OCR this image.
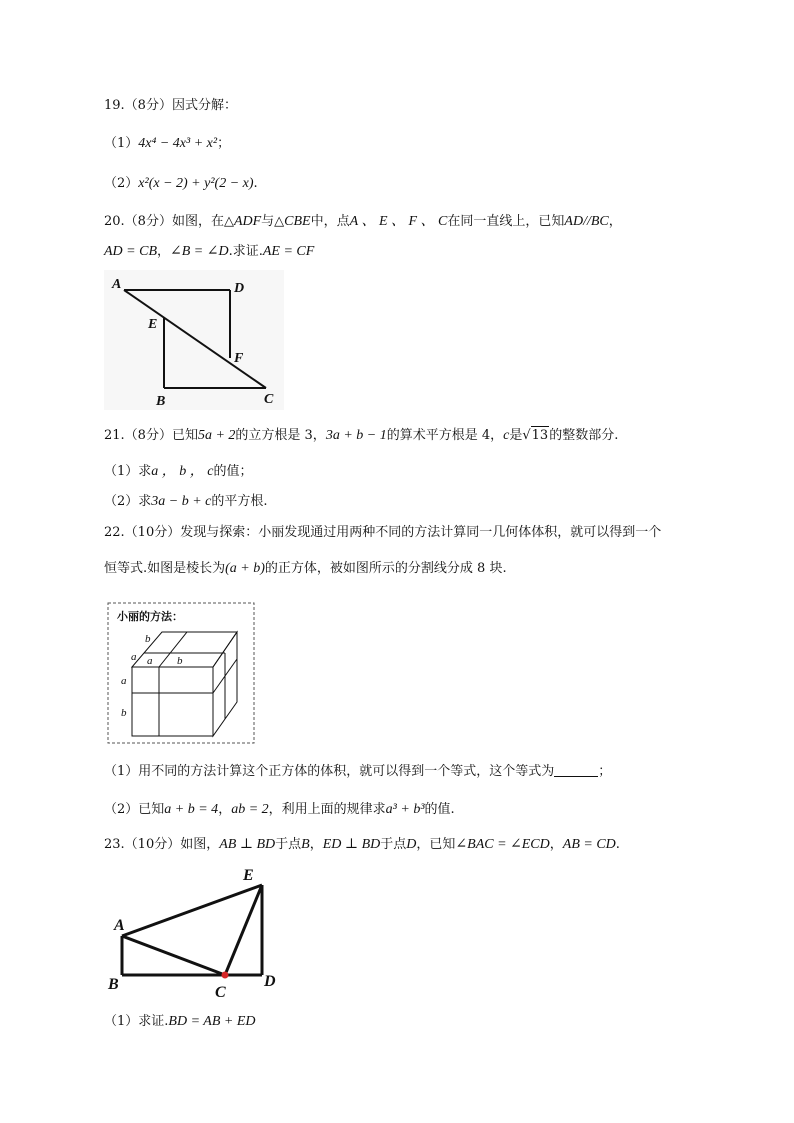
19.（8分）因式分解：
（1）4x⁴ − 4x³ + x²；
（2）x²(x − 2) + y²(2 − x).
20.（8分）如图，在△ADF与△CBE中，点A 、 E 、 F 、 C在同一直线上，已知AD//BC，
AD = CB，∠B = ∠D.求证.AE = CF
A	D
E
F
B	C
21.（8分）已知5a + 2的立方根是 3，3a + b − 1的算术平方根是 4，c是√13的整数部分.
（1）求a ， b ， c的值；
（2）求3a − b + c的平方根.
22.（10分）发现与探索：小丽发现通过用两种不同的方法计算同一几何体体积，就可以得到一个
恒等式.如图是棱长为(a + b)的正方体，被如图所示的分割线分成 8 块.
小丽的方法：
b
a a b
a
b
（1）用不同的方法计算这个正方体的体积，就可以得到一个等式，这个等式为	；
（2）已知a + b = 4，ab = 2，利用上面的规律求a³ + b³的值.
23.（10分）如图，AB ⊥ BD于点B，ED ⊥ BD于点D，已知∠BAC = ∠ECD，AB = CD.
A
B	C
D
E
（1）求证.BD = AB + ED
